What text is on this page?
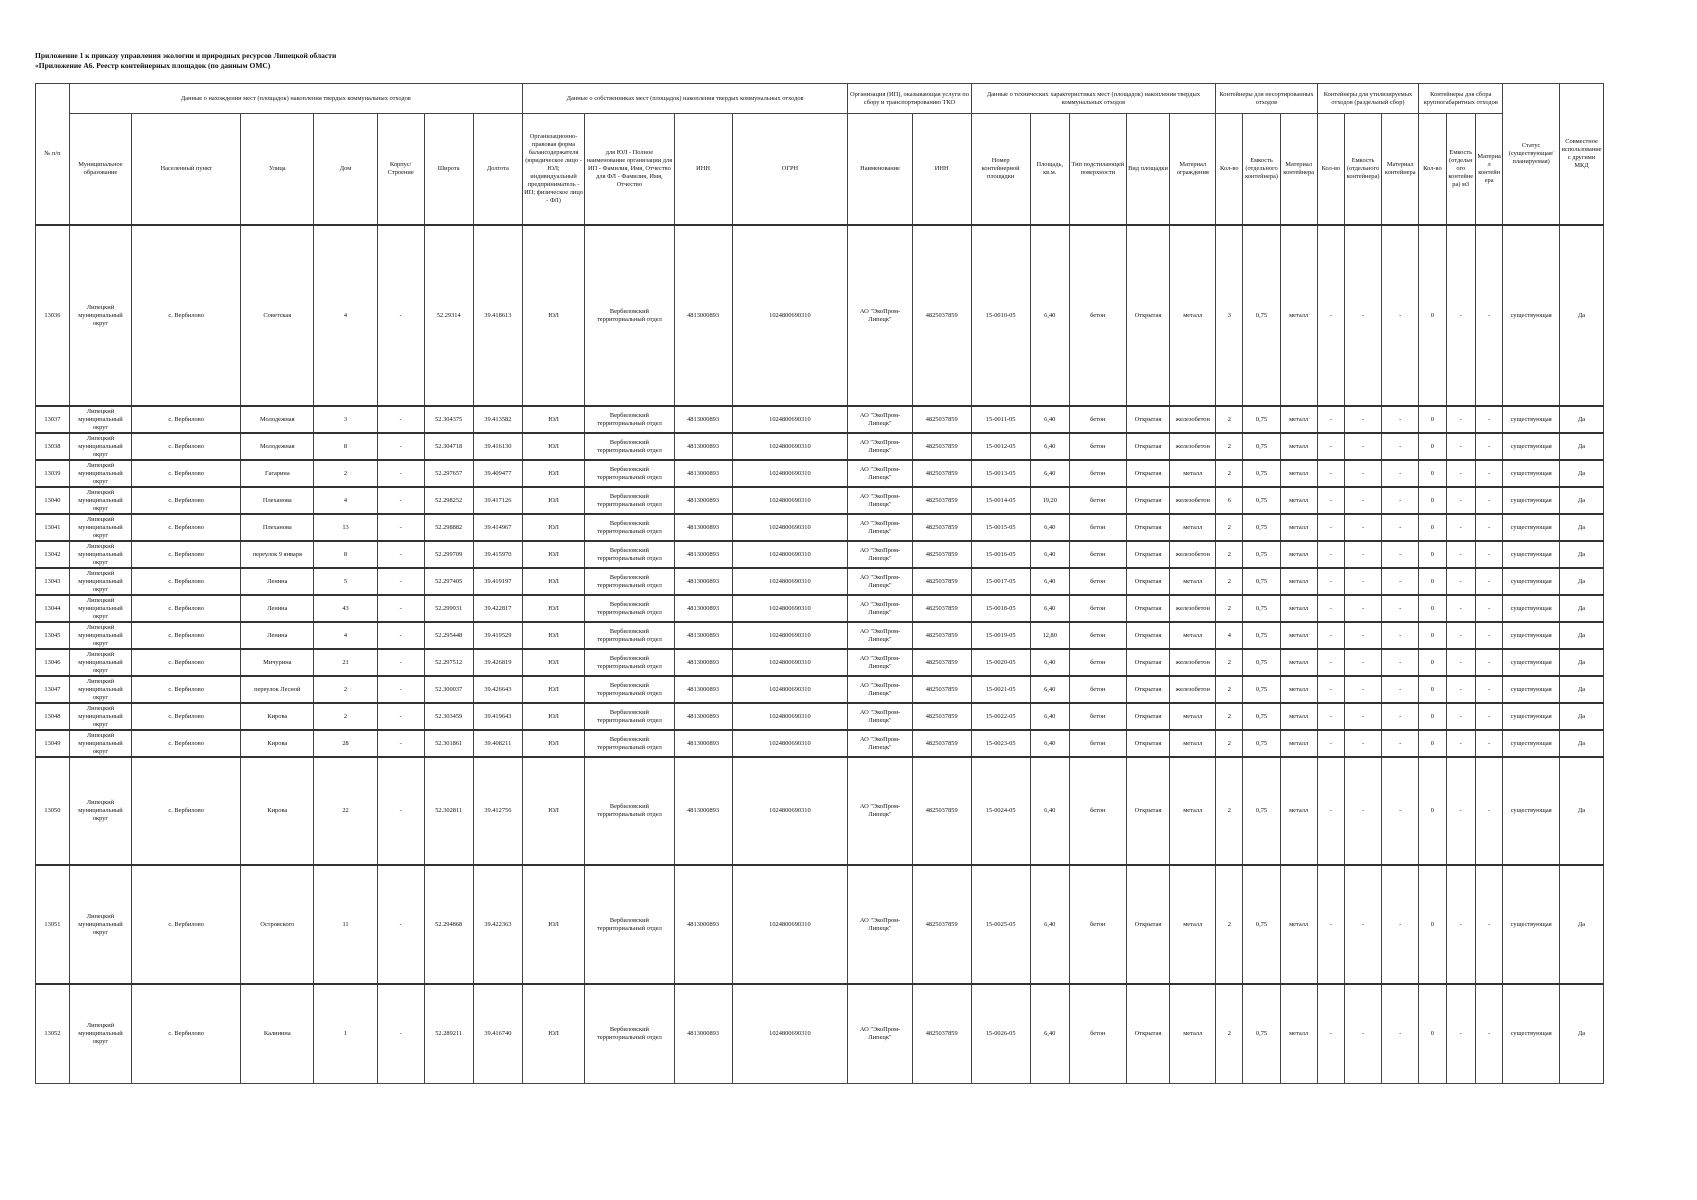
Приложение 1 к приказу управления экологии и природных ресурсов Липецкой области
«Приложение А6. Реестр контейнерных площадок (по данным ОМС)
№ п/п	Данные о нахождении мест (площадок) накопления твердых коммунальных отходов							Данные о собственниках мест (площадок) накопления твердых коммунальных отходов				Организация (ИП), оказывающая услуги по сбору и транспортированию ТКО		Данные о технических характеристиках мест (площадок) накопления твердых коммунальных отходов					Контейнеры для несортированных отходов			Контейнеры для утилизируемых отходов (раздельный сбор)			Контейнеры для сбора крупногабаритных отходов			Статус (существующая/ планируемая)	Совместное использование с другими МКД
	Муниципальное образование	Населенный пункт	Улица	Дом	Корпус/Строение	Широта	Долгота	Организационно-правовая форма балансодержателя (юридическое лицо - ЮЛ; индивидуальный предприниматель - ИП; физическое лицо - ФЛ)	для ЮЛ - Полное наименование организации для ИП - Фамилия, Имя, Отчество для ФЛ - Фамилия, Имя, Отчество	ИНН	ОГРН	Наименование	ИНН	Номер контейнерной площадки	Площадь, кв.м.	Тип подстилающей поверхности	Вид площадки	Материал ограждения	Кол-во	Емкость (отдельного контейнера)	Материал контейнера	Кол-во	Емкость (отдельного контейнера)	Материал контейнера	Кол-во	Емкость (отдельного контейнера) м3	Материал контейнера		
13036	Липецкий муниципальный округ	с. Вербилово	Советская	4	-	52.29314	39.418613	ЮЛ	Вербиловский территориальный отдел	4813000893	1024800690310	АО "ЭкоПром-Липецк"	4825037859	15-0010-05	6,40	бетон	Открытая	металл	3	0,75	металл	-	-	-	0	-	-	существующая	Да
13037	Липецкий муниципальный округ	с. Вербилово	Молодежная	3	-	52.304375	39.413582	ЮЛ	Вербиловский территориальный отдел	4813000893	1024800690310	АО "ЭкоПром-Липецк"	4825037859	15-0011-05	6,40	бетон	Открытая	железобетон	2	0,75	металл	-	-	-	0	-	-	существующая	Да
13038	Липецкий муниципальный округ	с. Вербилово	Молодежная	8	-	52.304718	39.416130	ЮЛ	Вербиловский территориальный отдел	4813000893	1024800690310	АО "ЭкоПром-Липецк"	4825037859	15-0012-05	6,40	бетон	Открытая	железобетон	2	0,75	металл	-	-	-	0	-	-	существующая	Да
13039	Липецкий муниципальный округ	с. Вербилово	Гагарина	2	-	52.297657	39.409477	ЮЛ	Вербиловский территориальный отдел	4813000893	1024800690310	АО "ЭкоПром-Липецк"	4825037859	15-0013-05	6,40	бетон	Открытая	металл	2	0,75	металл	-	-	-	0	-	-	существующая	Да
13040	Липецкий муниципальный округ	с. Вербилово	Плеханова	4	-	52.298252	39.417126	ЮЛ	Вербиловский территориальный отдел	4813000893	1024800690310	АО "ЭкоПром-Липецк"	4825037859	15-0014-05	19,20	бетон	Открытая	железобетон	6	0,75	металл	-	-	-	0	-	-	существующая	Да
13041	Липецкий муниципальный округ	с. Вербилово	Плеханова	13	-	52.298882	39.414967	ЮЛ	Вербиловский территориальный отдел	4813000893	1024800690310	АО "ЭкоПром-Липецк"	4825037859	15-0015-05	6,40	бетон	Открытая	металл	2	0,75	металл	-	-	-	0	-	-	существующая	Да
13042	Липецкий муниципальный округ	с. Вербилово	переулок 9 января	8	-	52.299709	39.415970	ЮЛ	Вербиловский территориальный отдел	4813000893	1024800690310	АО "ЭкоПром-Липецк"	4825037859	15-0016-05	6,40	бетон	Открытая	железобетон	2	0,75	металл	-	-	-	0	-	-	существующая	Да
13043	Липецкий муниципальный округ	с. Вербилово	Ленина	5	-	52.297405	39.419197	ЮЛ	Вербиловский территориальный отдел	4813000893	1024800690310	АО "ЭкоПром-Липецк"	4825037859	15-0017-05	6,40	бетон	Открытая	металл	2	0,75	металл	-	-	-	0	-	-	существующая	Да
13044	Липецкий муниципальный округ	с. Вербилово	Ленина	43	-	52.299931	39.422817	ЮЛ	Вербиловский территориальный отдел	4813000893	1024800690310	АО "ЭкоПром-Липецк"	4825037859	15-0018-05	6,40	бетон	Открытая	железобетон	2	0,75	металл	-	-	-	0	-	-	существующая	Да
13045	Липецкий муниципальный округ	с. Вербилово	Ленина	4	-	52.295448	39.419529	ЮЛ	Вербиловский территориальный отдел	4813000893	1024800690310	АО "ЭкоПром-Липецк"	4825037859	15-0019-05	12,80	бетон	Открытая	металл	4	0,75	металл	-	-	-	0	-	-	существующая	Да
13046	Липецкий муниципальный округ	с. Вербилово	Мичурина	21	-	52.297512	39.426819	ЮЛ	Вербиловский территориальный отдел	4813000893	1024800690310	АО "ЭкоПром-Липецк"	4825037859	15-0020-05	6,40	бетон	Открытая	железобетон	2	0,75	металл	-	-	-	0	-	-	существующая	Да
13047	Липецкий муниципальный округ	с. Вербилово	переулок Лесной	2	-	52.300037	39.426643	ЮЛ	Вербиловский территориальный отдел	4813000893	1024800690310	АО "ЭкоПром-Липецк"	4825037859	15-0021-05	6,40	бетон	Открытая	железобетон	2	0,75	металл	-	-	-	0	-	-	существующая	Да
13048	Липецкий муниципальный округ	с. Вербилово	Кирова	2	-	52.303459	39.419643	ЮЛ	Вербиловский территориальный отдел	4813000893	1024800690310	АО "ЭкоПром-Липецк"	4825037859	15-0022-05	6,40	бетон	Открытая	металл	2	0,75	металл	-	-	-	0	-	-	существующая	Да
13049	Липецкий муниципальный округ	с. Вербилово	Кирова	28	-	52.301861	39.408211	ЮЛ	Вербиловский территориальный отдел	4813000893	1024800690310	АО "ЭкоПром-Липецк"	4825037859	15-0023-05	6,40	бетон	Открытая	металл	2	0,75	металл	-	-	-	0	-	-	существующая	Да
13050	Липецкий муниципальный округ	с. Вербилово	Кирова	22	-	52.302811	39.412756	ЮЛ	Вербиловский территориальный отдел	4813000893	1024800690310	АО "ЭкоПром-Липецк"	4825037859	15-0024-05	6,40	бетон	Открытая	металл	2	0,75	металл	-	-	-	0	-	-	существующая	Да
13051	Липецкий муниципальный округ	с. Вербилово	Островского	11	-	52.294868	39.422363	ЮЛ	Вербиловский территориальный отдел	4813000893	1024800690310	АО "ЭкоПром-Липецк"	4825037859	15-0025-05	6,40	бетон	Открытая	металл	2	0,75	металл	-	-	-	0	-	-	существующая	Да
13052	Липецкий муниципальный округ	с. Вербилово	Калинина	1	-	52.289211	39.416740	ЮЛ	Вербиловский территориальный отдел	4813000893	1024800690310	АО "ЭкоПром-Липецк"	4825037859	15-0026-05	6,40	бетон	Открытая	металл	2	0,75	металл	-	-	-	0	-	-	существующая	Да
